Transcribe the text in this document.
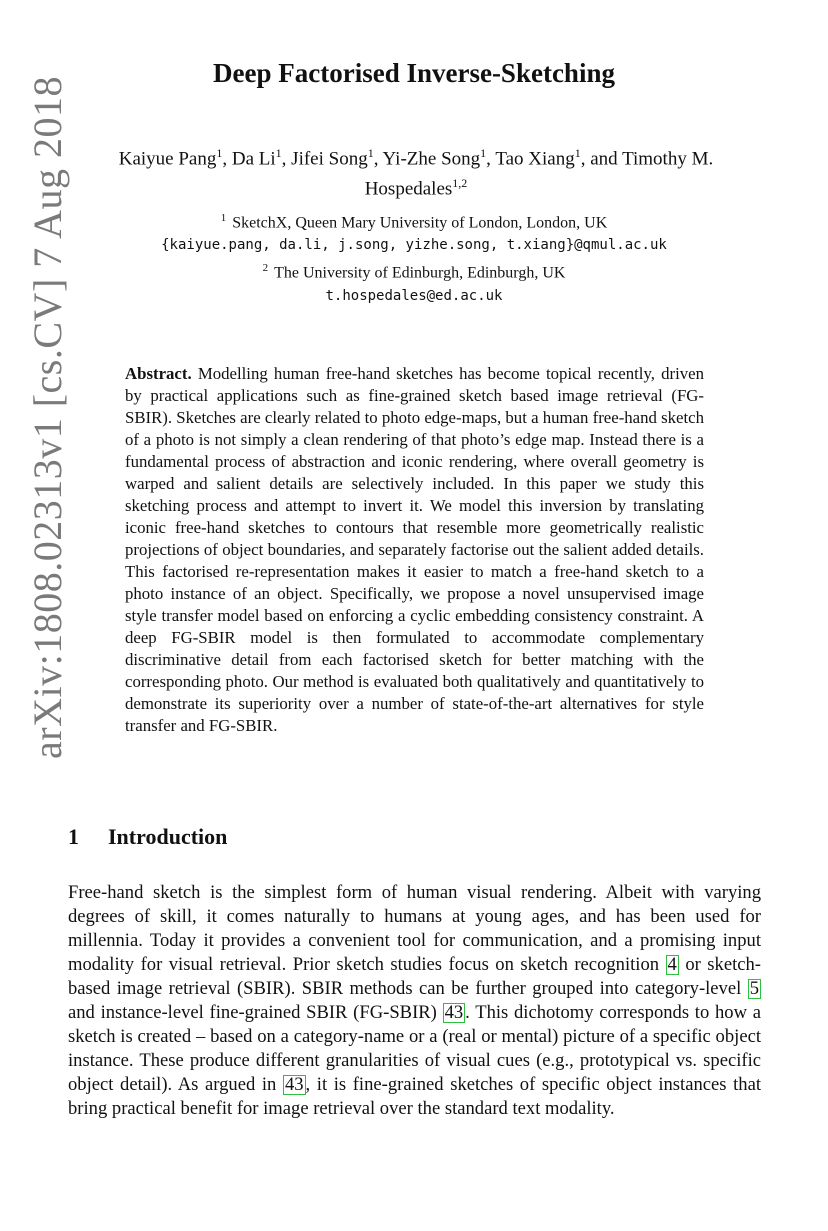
arXiv:1808.02313v1 [cs.CV] 7 Aug 2018
Deep Factorised Inverse-Sketching
Kaiyue Pang$^1$, Da Li$^1$, Jifei Song$^1$, Yi-Zhe Song$^1$, Tao Xiang$^1$, and Timothy M. Hospedales$^{1,2}$
$^1$ SketchX, Queen Mary University of London, London, UK
{kaiyue.pang, da.li, j.song, yizhe.song, t.xiang}@qmul.ac.uk
$^2$ The University of Edinburgh, Edinburgh, UK
t.hospedales@ed.ac.uk
Abstract. Modelling human free-hand sketches has become topical recently, driven by practical applications such as fine-grained sketch based image retrieval (FG-SBIR). Sketches are clearly related to photo edge-maps, but a human free-hand sketch of a photo is not simply a clean rendering of that photo’s edge map. Instead there is a fundamental process of abstraction and iconic rendering, where overall geometry is warped and salient details are selectively included. In this paper we study this sketching process and attempt to invert it. We model this inversion by translating iconic free-hand sketches to contours that resemble more geometrically realistic projections of object boundaries, and separately factorise out the salient added details. This factorised re-representation makes it easier to match a free-hand sketch to a photo instance of an object. Specifically, we propose a novel unsupervised image style transfer model based on enforcing a cyclic embedding consistency constraint. A deep FG-SBIR model is then formulated to accommodate complementary discriminative detail from each factorised sketch for better matching with the corresponding photo. Our method is evaluated both qualitatively and quantitatively to demonstrate its superiority over a number of state-of-the-art alternatives for style transfer and FG-SBIR.
1 Introduction
Free-hand sketch is the simplest form of human visual rendering. Albeit with varying degrees of skill, it comes naturally to humans at young ages, and has been used for millennia. Today it provides a convenient tool for communication, and a promising input modality for visual retrieval. Prior sketch studies focus on sketch recognition 4 or sketch-based image retrieval (SBIR). SBIR methods can be further grouped into category-level 5 and instance-level fine-grained SBIR (FG-SBIR) 43 . This dichotomy corresponds to how a sketch is created – based on a category-name or a (real or mental) picture of a specific object instance. These produce different granularities of visual cues (e.g., prototypical vs. specific object detail). As argued in 43 , it is fine-grained sketches of specific object instances that bring practical benefit for image retrieval over the standard text modality.
